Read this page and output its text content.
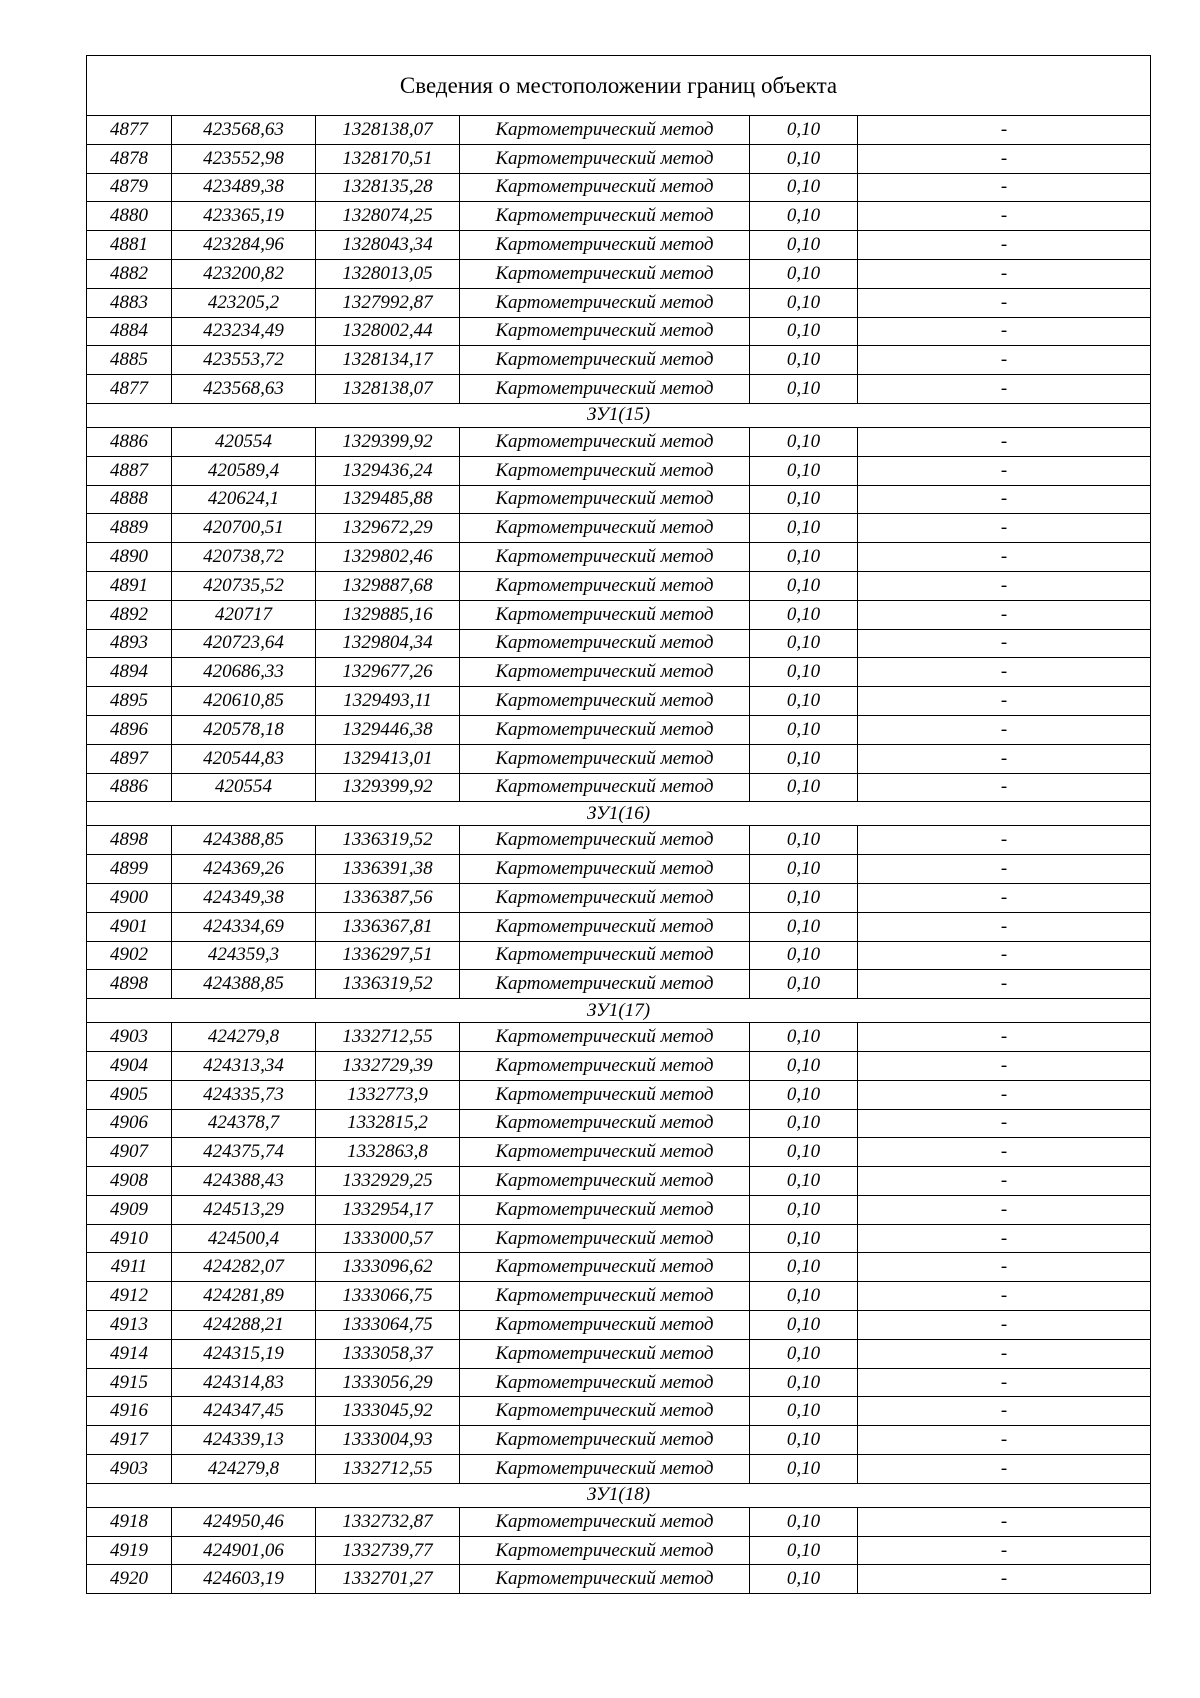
Сведения о местоположении границ объекта					
4877	423568,63	1328138,07	Картометрический метод	0,10	-
4878	423552,98	1328170,51	Картометрический метод	0,10	-
4879	423489,38	1328135,28	Картометрический метод	0,10	-
4880	423365,19	1328074,25	Картометрический метод	0,10	-
4881	423284,96	1328043,34	Картометрический метод	0,10	-
4882	423200,82	1328013,05	Картометрический метод	0,10	-
4883	423205,2	1327992,87	Картометрический метод	0,10	-
4884	423234,49	1328002,44	Картометрический метод	0,10	-
4885	423553,72	1328134,17	Картометрический метод	0,10	-
4877	423568,63	1328138,07	Картометрический метод	0,10	-
ЗУ1(15)					
4886	420554	1329399,92	Картометрический метод	0,10	-
4887	420589,4	1329436,24	Картометрический метод	0,10	-
4888	420624,1	1329485,88	Картометрический метод	0,10	-
4889	420700,51	1329672,29	Картометрический метод	0,10	-
4890	420738,72	1329802,46	Картометрический метод	0,10	-
4891	420735,52	1329887,68	Картометрический метод	0,10	-
4892	420717	1329885,16	Картометрический метод	0,10	-
4893	420723,64	1329804,34	Картометрический метод	0,10	-
4894	420686,33	1329677,26	Картометрический метод	0,10	-
4895	420610,85	1329493,11	Картометрический метод	0,10	-
4896	420578,18	1329446,38	Картометрический метод	0,10	-
4897	420544,83	1329413,01	Картометрический метод	0,10	-
4886	420554	1329399,92	Картометрический метод	0,10	-
ЗУ1(16)					
4898	424388,85	1336319,52	Картометрический метод	0,10	-
4899	424369,26	1336391,38	Картометрический метод	0,10	-
4900	424349,38	1336387,56	Картометрический метод	0,10	-
4901	424334,69	1336367,81	Картометрический метод	0,10	-
4902	424359,3	1336297,51	Картометрический метод	0,10	-
4898	424388,85	1336319,52	Картометрический метод	0,10	-
ЗУ1(17)					
4903	424279,8	1332712,55	Картометрический метод	0,10	-
4904	424313,34	1332729,39	Картометрический метод	0,10	-
4905	424335,73	1332773,9	Картометрический метод	0,10	-
4906	424378,7	1332815,2	Картометрический метод	0,10	-
4907	424375,74	1332863,8	Картометрический метод	0,10	-
4908	424388,43	1332929,25	Картометрический метод	0,10	-
4909	424513,29	1332954,17	Картометрический метод	0,10	-
4910	424500,4	1333000,57	Картометрический метод	0,10	-
4911	424282,07	1333096,62	Картометрический метод	0,10	-
4912	424281,89	1333066,75	Картометрический метод	0,10	-
4913	424288,21	1333064,75	Картометрический метод	0,10	-
4914	424315,19	1333058,37	Картометрический метод	0,10	-
4915	424314,83	1333056,29	Картометрический метод	0,10	-
4916	424347,45	1333045,92	Картометрический метод	0,10	-
4917	424339,13	1333004,93	Картометрический метод	0,10	-
4903	424279,8	1332712,55	Картометрический метод	0,10	-
ЗУ1(18)					
4918	424950,46	1332732,87	Картометрический метод	0,10	-
4919	424901,06	1332739,77	Картометрический метод	0,10	-
4920	424603,19	1332701,27	Картометрический метод	0,10	-
